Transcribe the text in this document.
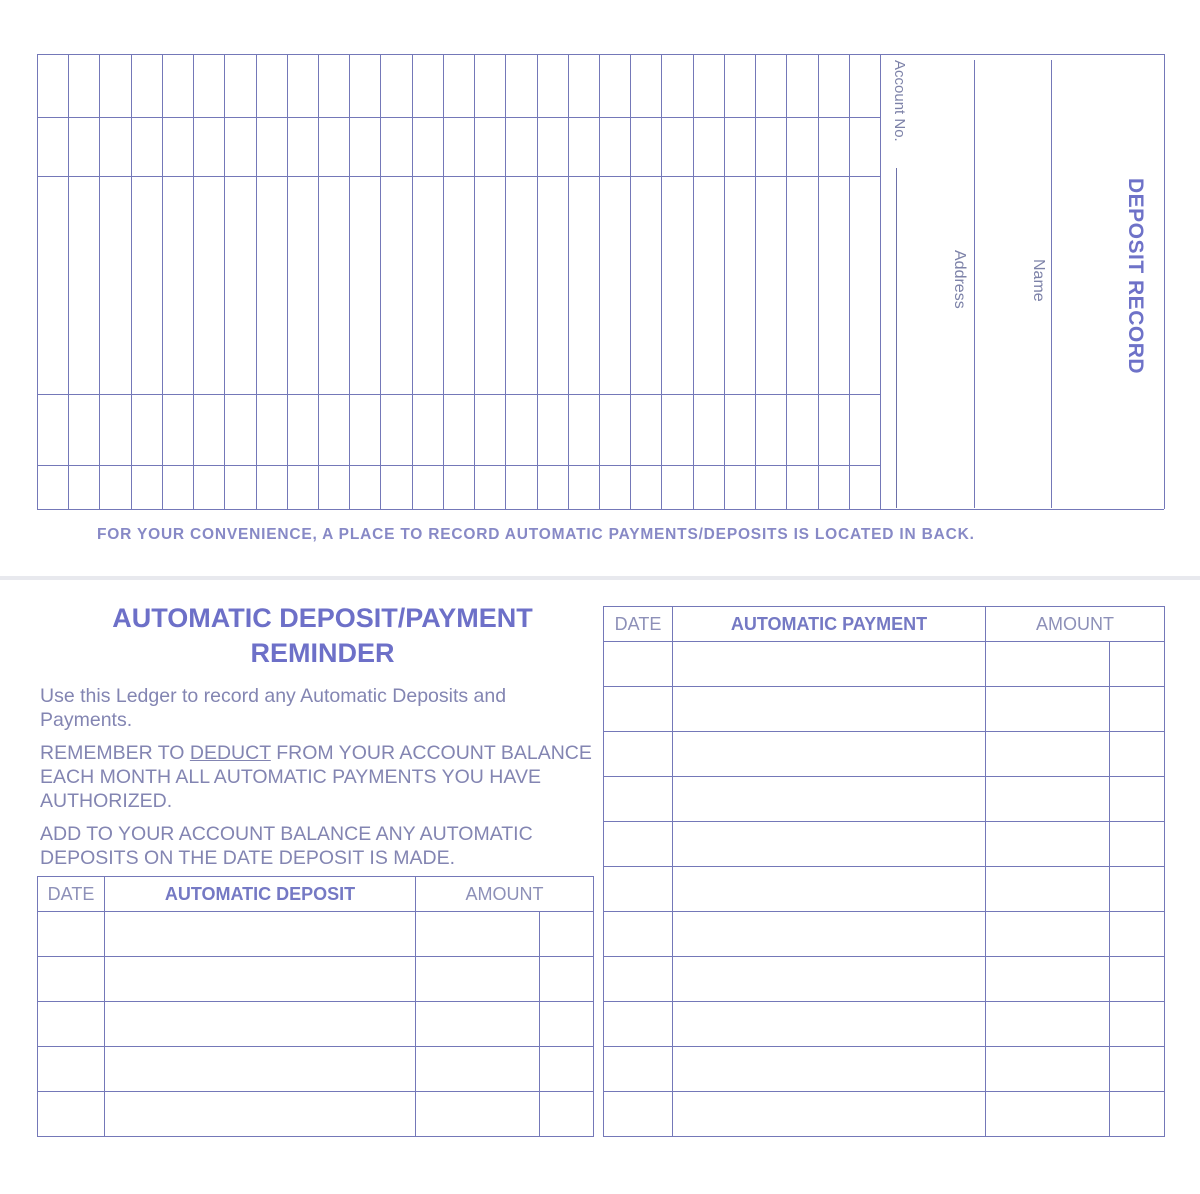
Account No.
Address	Name	DEPOSIT RECORD
FOR YOUR CONVENIENCE, A PLACE TO RECORD AUTOMATIC PAYMENTS/DEPOSITS IS LOCATED IN BACK.
AUTOMATIC DEPOSIT/PAYMENT
REMINDER

Use this Ledger to record any Automatic Deposits and Payments.

REMEMBER TO DEDUCT FROM YOUR ACCOUNT BALANCE EACH MONTH ALL AUTOMATIC PAYMENTS YOU HAVE AUTHORIZED.

ADD TO YOUR ACCOUNT BALANCE ANY AUTOMATIC DEPOSITS ON THE DATE DEPOSIT IS MADE.

DATE	AUTOMATIC DEPOSIT	AMOUNT	

DATE	AUTOMATIC PAYMENT	AMOUNT	
